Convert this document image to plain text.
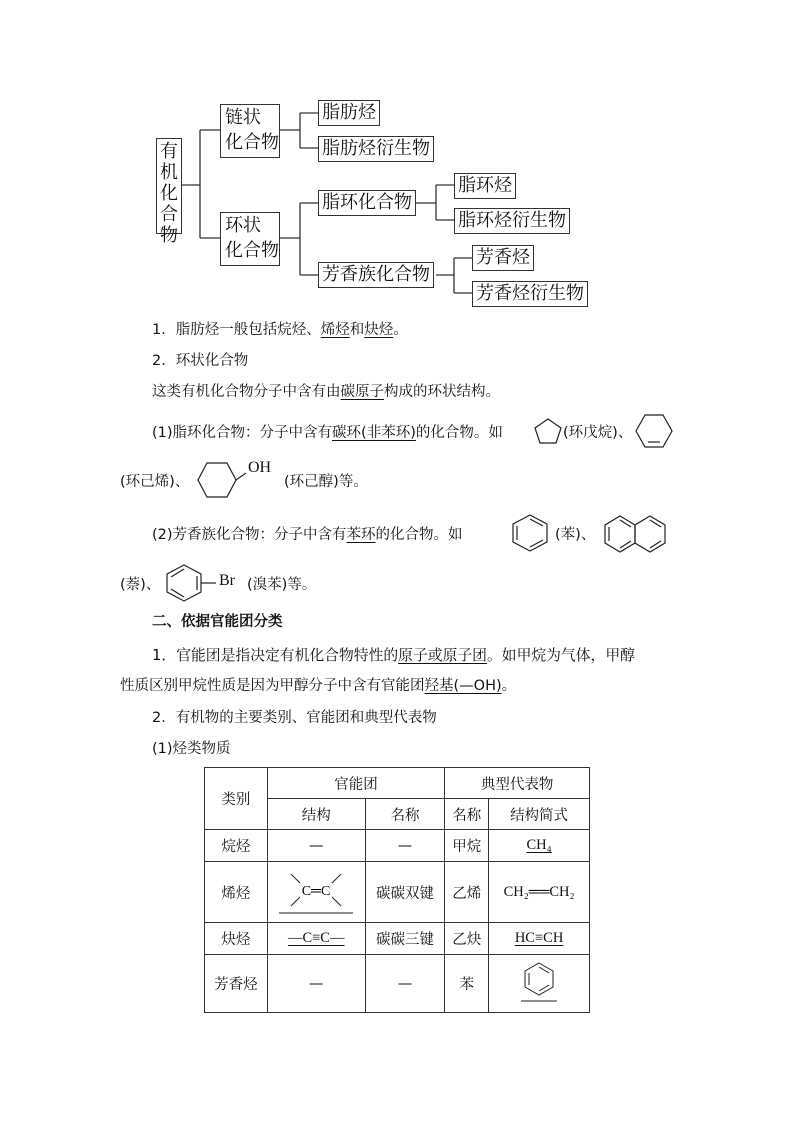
有机化合物
链状
化合物
脂肪烃
脂肪烃衍生物
环状
化合物
脂环化合物
脂环烃
脂环烃衍生物
芳香族化合物
芳香烃
芳香烃衍生物
1．脂肪烃一般包括烷烃、烯烃和炔烃。
2．环状化合物
这类有机化合物分子中含有由碳原子构成的环状结构。
(1)脂环化合物：分子中含有碳环(非苯环)的化合物。如	(环戊烷)、
(环己烯)、
OH
(环己醇)等。
(2)芳香族化合物：分子中含有苯环的化合物。如	(苯)、
(萘)、	Br (溴苯)等。
二、依据官能团分类
1．官能团是指决定有机化合物特性的原子或原子团。如甲烷为气体，甲醇
性质区别甲烷性质是因为甲醇分子中含有官能团羟基(—OH)。
2．有机物的主要类别、官能团和典型代表物
(1)烃类物质
类别	官能团		典型代表物	
	结构	名称	名称	结构简式
烷烃	—	—	甲烷	CH₄
烯烃	C═C	碳碳双键	乙烯	CH₂══CH₂
炔烃	—C≡C—	碳碳三键	乙炔	HC≡CH
芳香烃	—	—	苯	
